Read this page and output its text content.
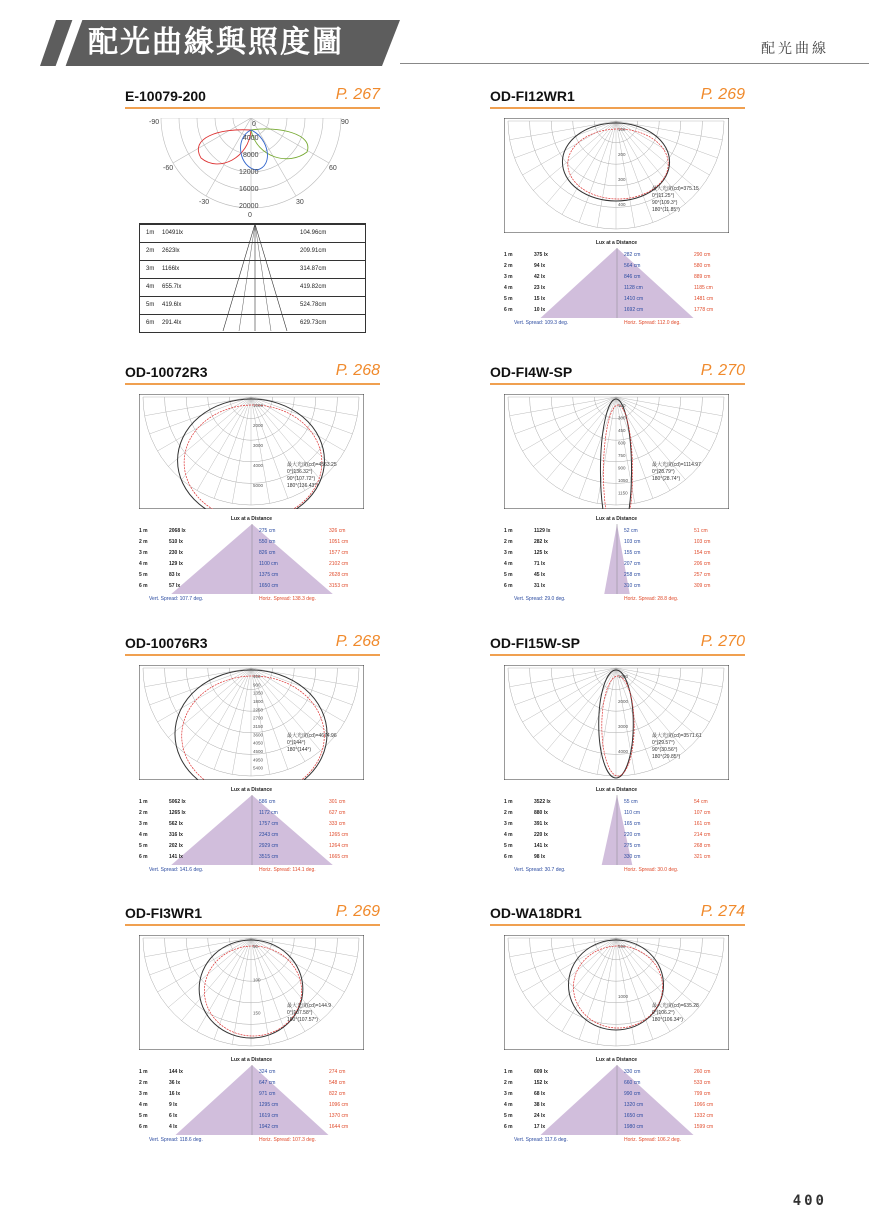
配光曲線與照度圖	配光曲線
E-10079-200	P. 267
-90	90
-60	60
-30	30
0
0
4000
8000
12000
16000
20000
1m 10491lx	104.96cm
2m 2623lx	209.91cm
3m 1166lx	314.87cm
4m 655.7lx	419.82cm
5m 419.6lx	524.78cm
6m 291.4lx	629.73cm
OD-FI12WR1	P. 269
最大光度(cd)=375.15
0°(11.25°)
90°(109.3°)
180°(11.85°)
100
200
300
400
Lux at a Distance
1 m	375 lx	282 cm	290 cm
2 m	94 lx	564 cm	580 cm
3 m	42 lx	846 cm	889 cm
4 m	23 lx	1128 cm	1185 cm
5 m	15 lx	1410 cm	1481 cm
6 m	10 lx	1692 cm	1778 cm
Vert. Spread: 109.3 deg.	Horiz. Spread: 112.0 deg.
OD-10072R3	P. 268
最大光度(cd)=4563.25
0°(136.32°)
90°(107.72°)
180°(136.43°)
1000
2000
3000
4000
5000
Lux at a Distance
1 m	2068 lx	275 cm	326 cm
2 m	510 lx	550 cm	1051 cm
3 m	230 lx	826 cm	1577 cm
4 m	129 lx	1100 cm	2102 cm
5 m	83 lx	1375 cm	2628 cm
6 m	57 lx	1650 cm	3153 cm
Vert. Spread: 107.7 deg.	Horiz. Spread: 138.3 deg.
OD-FI4W-SP	P. 270
最大光度(cd)=1114.97
0°(28.79°)
180°(28.74°)
150
300
450
600
750
900
1050
1150
Lux at a Distance
1 m	1129 lx	52 cm	51 cm
2 m	282 lx	103 cm	103 cm
3 m	125 lx	155 cm	154 cm
4 m	71 lx	207 cm	206 cm
5 m	45 lx	258 cm	257 cm
6 m	31 lx	310 cm	309 cm
Vert. Spread: 29.0 deg.	Horiz. Spread: 28.8 deg.
OD-10076R3	P. 268
最大光度(cd)=4674.96
0°(144°)
180°(144°)
400
900
1350
1800
2250
2700
3150
3600
4050
4500
4950
5400
Lux at a Distance
1 m	5062 lx	586 cm	301 cm
2 m	1265 lx	1172 cm	627 cm
3 m	562 lx	1757 cm	333 cm
4 m	316 lx	2343 cm	1265 cm
5 m	202 lx	2929 cm	1264 cm
6 m	141 lx	3515 cm	1665 cm
Vert. Spread: 141.6 deg.	Horiz. Spread: 114.1 deg.
OD-FI15W-SP	P. 270
最大光度(cd)=3571.61
0°(29.57°)
90°(30.56°)
180°(29.85°)
1000
2000
3000
4000
Lux at a Distance
1 m	3522 lx	55 cm	54 cm
2 m	880 lx	110 cm	107 cm
3 m	391 lx	165 cm	161 cm
4 m	220 lx	220 cm	214 cm
5 m	141 lx	275 cm	268 cm
6 m	98 lx	330 cm	321 cm
Vert. Spread: 30.7 deg.	Horiz. Spread: 30.0 deg.
OD-FI3WR1	P. 269
最大光度(cd)=144.9
0°(107.58°)
180°(107.57°)
50
100
150
Lux at a Distance
1 m	144 lx	324 cm	274 cm
2 m	36 lx	647 cm	548 cm
3 m	16 lx	971 cm	822 cm
4 m	9 lx	1295 cm	1096 cm
5 m	6 lx	1619 cm	1370 cm
6 m	4 lx	1942 cm	1644 cm
Vert. Spread: 118.6 deg.	Horiz. Spread: 107.3 deg.
OD-WA18DR1	P. 274
最大光度(cd)=635.28
0°(106.2°)
180°(106.34°)
500
1000
Lux at a Distance
1 m	609 lx	330 cm	260 cm
2 m	152 lx	660 cm	533 cm
3 m	68 lx	990 cm	799 cm
4 m	38 lx	1320 cm	1066 cm
5 m	24 lx	1650 cm	1332 cm
6 m	17 lx	1980 cm	1599 cm
Vert. Spread: 117.6 deg.	Horiz. Spread: 106.2 deg.
400
